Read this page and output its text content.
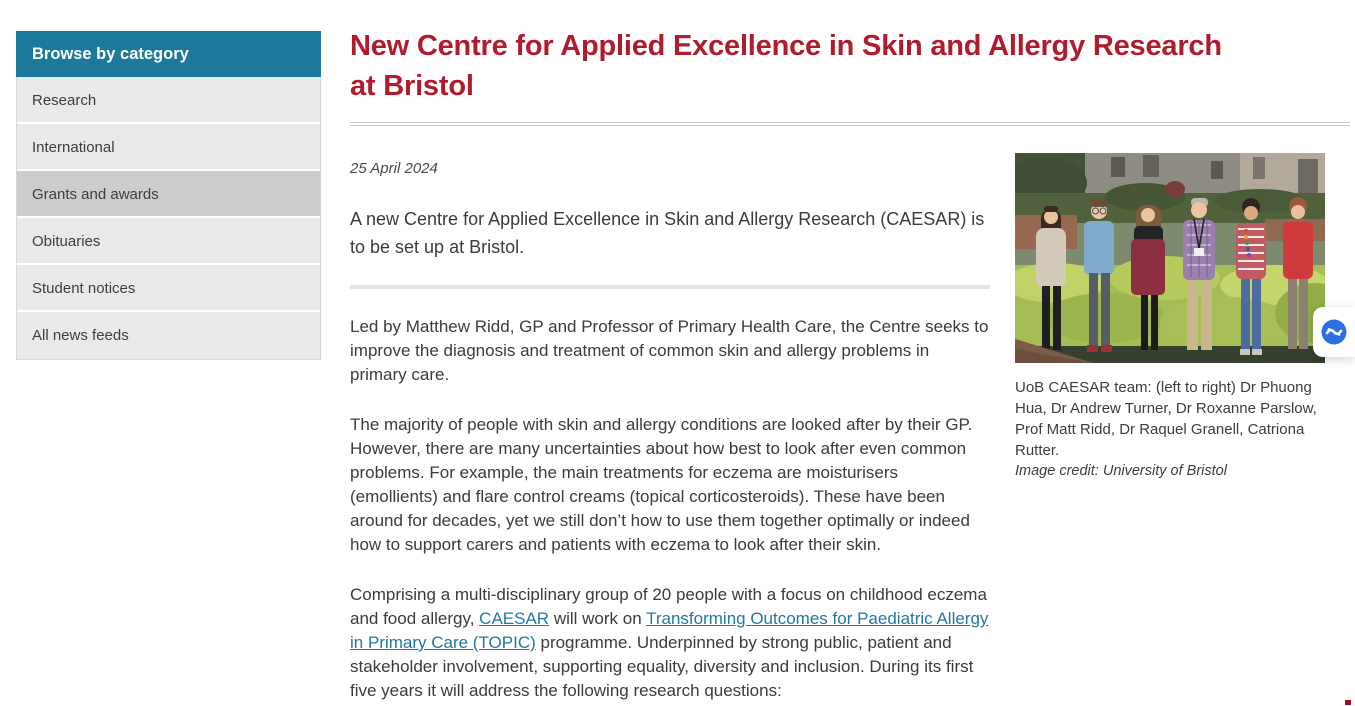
Browse by category
Research
International
Grants and awards
Obituaries
Student notices
All news feeds
New Centre for Applied Excellence in Skin and Allergy Research at Bristol
25 April 2024

A new Centre for Applied Excellence in Skin and Allergy Research (CAESAR) is to be set up at Bristol.

Led by Matthew Ridd, GP and Professor of Primary Health Care, the Centre seeks to improve the diagnosis and treatment of common skin and allergy problems in primary care.

The majority of people with skin and allergy conditions are looked after by their GP. However, there are many uncertainties about how best to look after even common problems. For example, the main treatments for eczema are moisturisers (emollients) and flare control creams (topical corticosteroids). These have been around for decades, yet we still don’t how to use them together optimally or indeed how to support carers and patients with eczema to look after their skin.

Comprising a multi-disciplinary group of 20 people with a focus on childhood eczema and food allergy, CAESAR will work on Transforming Outcomes for Paediatric Allergy in Primary Care (TOPIC) programme. Underpinned by strong public, patient and stakeholder involvement, supporting equality, diversity and inclusion. During its first five years it will address the following research questions:

UoB CAESAR team: (left to right) Dr Phuong Hua, Dr Andrew Turner, Dr Roxanne Parslow, Prof Matt Ridd, Dr Raquel Granell, Catriona Rutter.
Image credit: University of Bristol
